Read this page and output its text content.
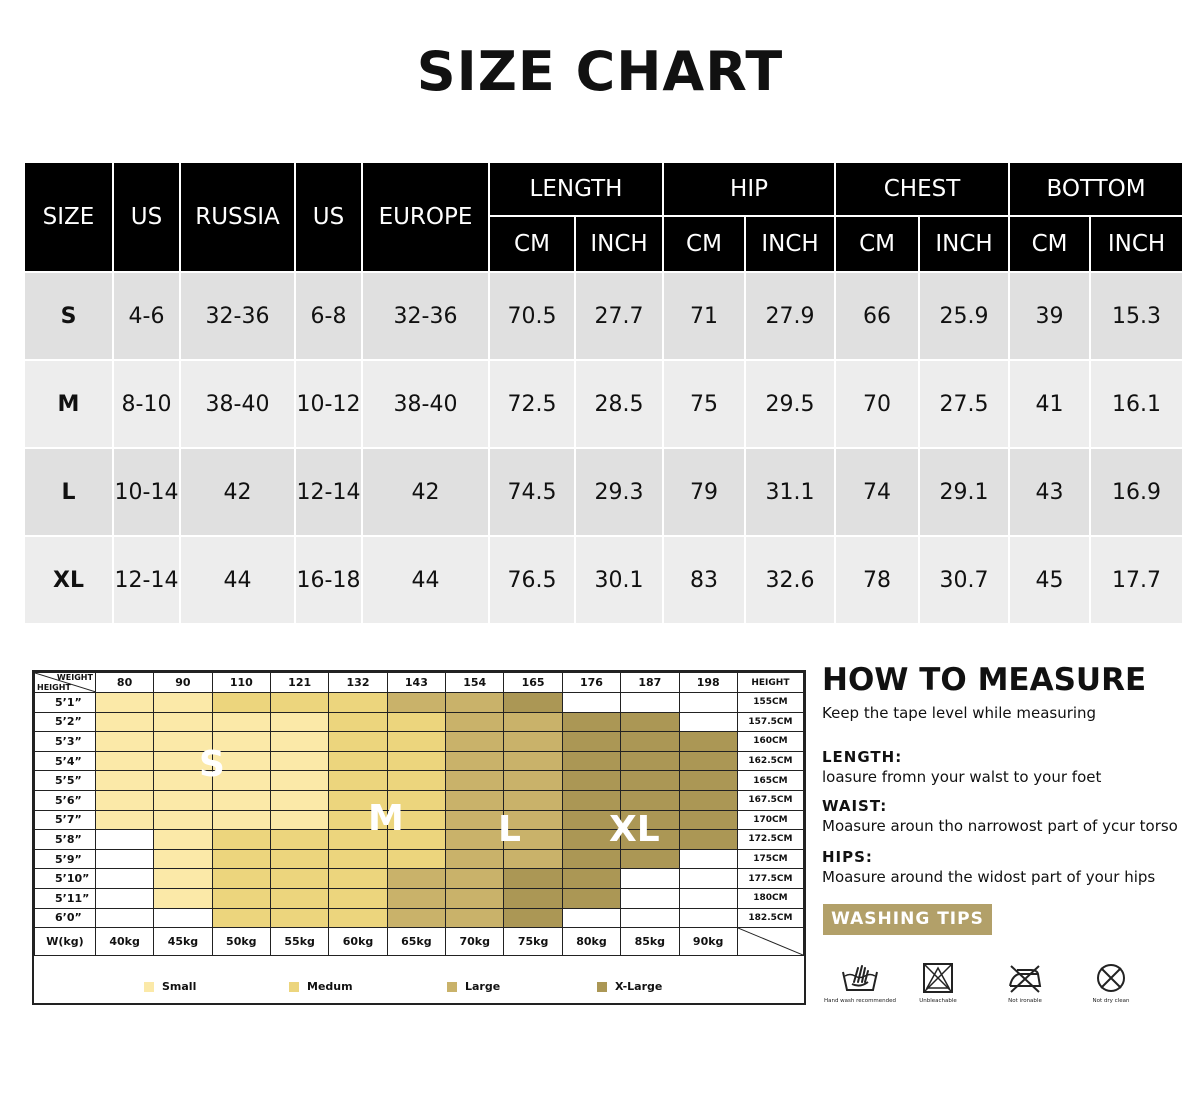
SIZE CHART
SIZE	US	RUSSIA	US	EUROPE	LENGTH		HIP		CHEST		BOTTOM	
					CM	INCH	CM	INCH	CM	INCH	CM	INCH
S	4-6	32-36	6-8	32-36	70.5	27.7	71	27.9	66	25.9	39	15.3
M	8-10	38-40	10-12	38-40	72.5	28.5	75	29.5	70	27.5	41	16.1
L	10-14	42	12-14	42	74.5	29.3	79	31.1	74	29.1	43	16.9
XL	12-14	44	16-18	44	76.5	30.1	83	32.6	78	30.7	45	17.7
WEIGHT
HEIGHT	80	90	110	121	132	143	154	165	176	187	198	HEIGHT
5’1”												155CM
5’2”												157.5CM
5’3”												160CM
5’4”												162.5CM
5’5”												165CM
5’6”												167.5CM
5’7”												170CM
5’8”												172.5CM
5’9”												175CM
5’10”												177.5CM
5’11”												180CM
6’0”												182.5CM
W(kg)	40kg	45kg	50kg	55kg	60kg	65kg	70kg	75kg	80kg	85kg	90kg	
S
M	L XL
Small	Medum	Large	X-Large
HOW TO MEASURE
Keep the tape level while measuring
LENGTH:
loasure fromn your walst to your foet
WAIST:
Moasure aroun tho narrowost part of ycur torso
HIPS:
Moasure around the widost part of your hips
WASHING TIPS
Hand wash recommended	Unbleachable	Not ironable	Not dry clean
